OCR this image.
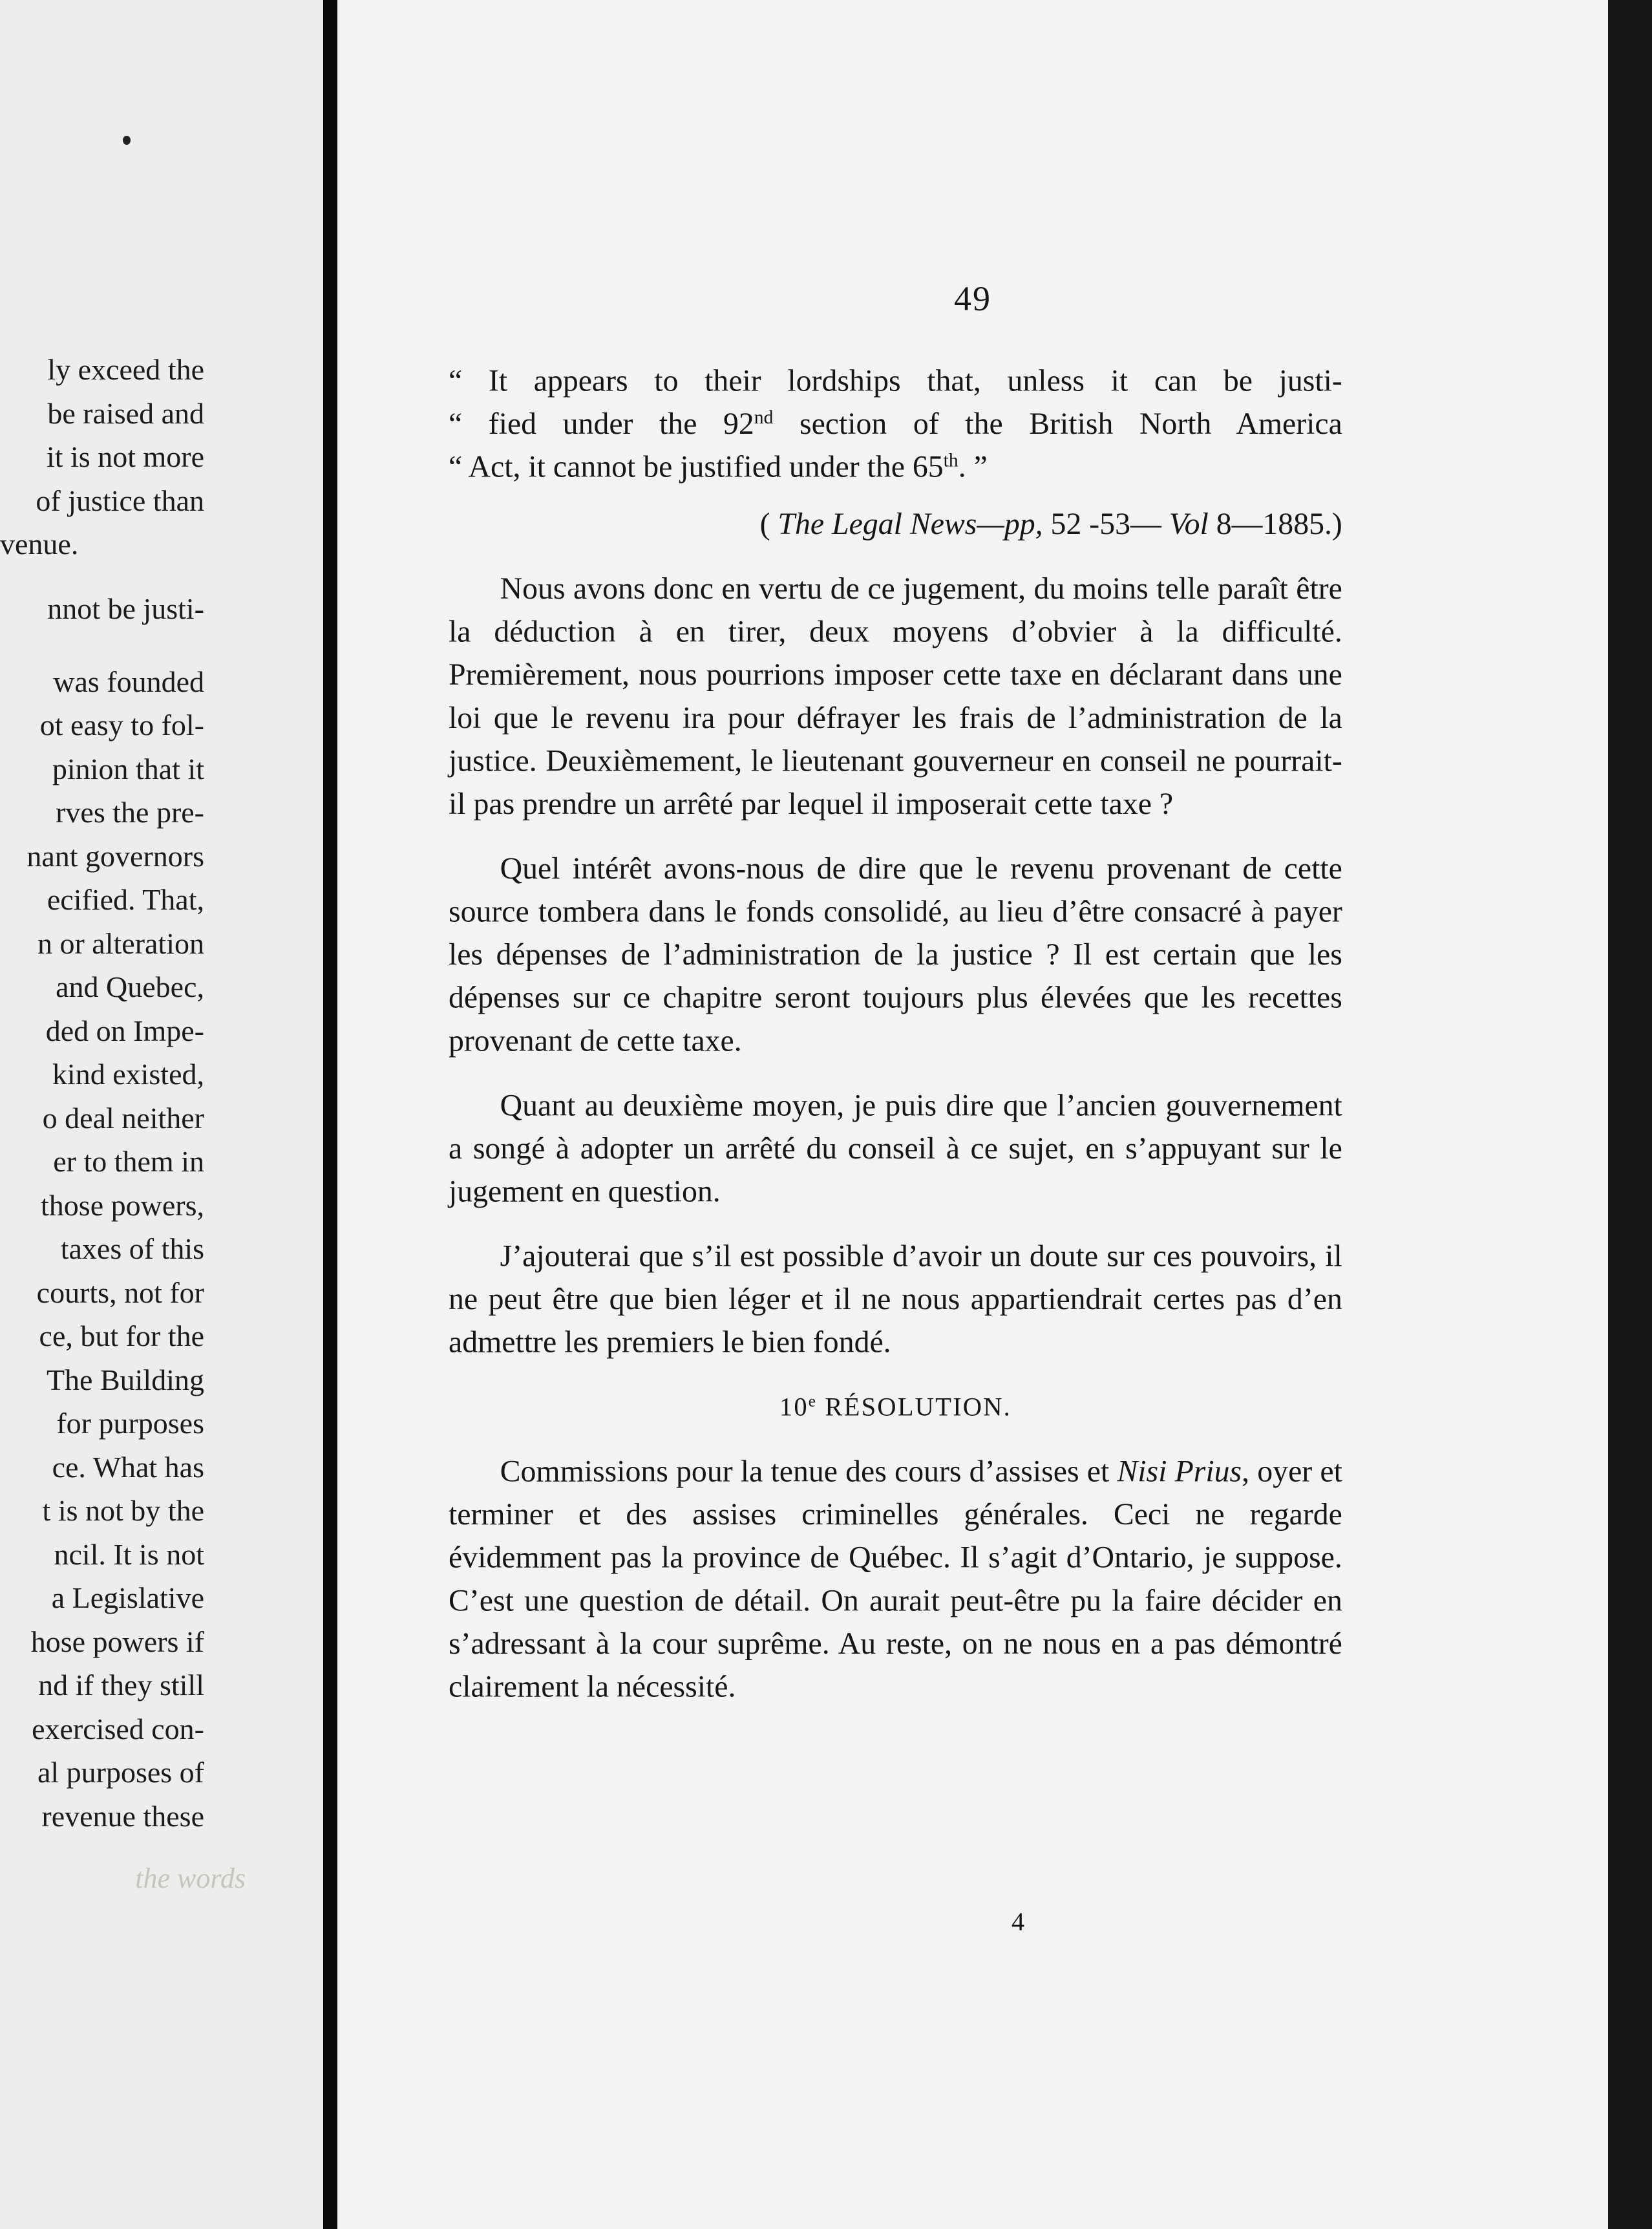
ly exceed the
be raised and
it is not more
of justice than
venue.
nnot be justi-
was founded
ot easy to fol-
pinion that it
rves the pre-
nant governors
ecified. That,
n or alteration
and Quebec,
ded on Impe-
kind existed,
o deal neither
er to them in
those powers,
taxes of this
courts, not for
ce, but for the
The Building
for purposes
ce. What has
t is not by the
ncil. It is not
a Legislative
hose powers if
nd if they still
exercised con-
al purposes of
revenue these
the words
49

“ It appears to their lordships that, unless it can be justi-

“ fied under the 92nd section of the British North America

“ Act, it cannot be justified under the 65th. ”

( The Legal News—pp, 52 -53— Vol 8—1885.)

Nous avons donc en vertu de ce jugement, du moins telle paraît être la déduction à en tirer, deux moyens d’obvier à la difficulté. Premièrement, nous pourrions imposer cette taxe en déclarant dans une loi que le revenu ira pour défrayer les frais de l’administration de la justice. Deuxièmement, le lieutenant gouverneur en conseil ne pourrait-il pas prendre un arrêté par lequel il imposerait cette taxe ?

Quel intérêt avons-nous de dire que le revenu provenant de cette source tombera dans le fonds consolidé, au lieu d’être consacré à payer les dépenses de l’administration de la justice ? Il est certain que les dépenses sur ce chapitre seront toujours plus élevées que les recettes provenant de cette taxe.

Quant au deuxième moyen, je puis dire que l’ancien gouvernement a songé à adopter un arrêté du conseil à ce sujet, en s’appuyant sur le jugement en question.

J’ajouterai que s’il est possible d’avoir un doute sur ces pouvoirs, il ne peut être que bien léger et il ne nous appartiendrait certes pas d’en admettre les premiers le bien fondé.

10e RÉSOLUTION.

Commissions pour la tenue des cours d’assises et Nisi Prius, oyer et terminer et des assises criminelles générales. Ceci ne regarde évidemment pas la province de Québec. Il s’agit d’Ontario, je suppose. C’est une question de détail. On aurait peut-être pu la faire décider en s’adressant à la cour suprême. Au reste, on ne nous en a pas démontré clairement la nécessité.

4
